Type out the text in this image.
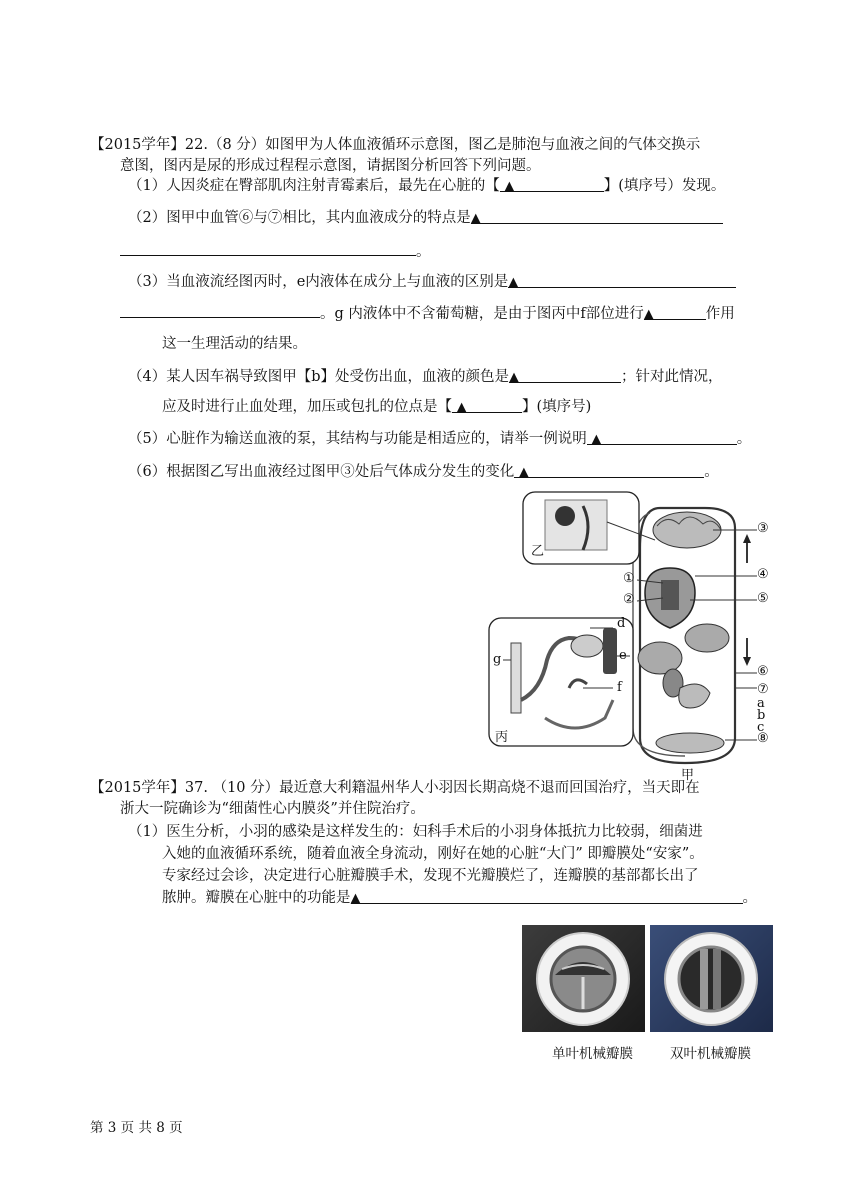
【2015学年】22.（8 分）如图甲为人体血液循环示意图，图乙是肺泡与血液之间的气体交换示
意图，图丙是尿的形成过程程示意图，请据图分析回答下列问题。
（1）人因炎症在臀部肌肉注射青霉素后，最先在心脏的【 ▲	】(填序号）发现。
（2）图甲中血管⑥与⑦相比，其内血液成分的特点是▲
。
（3）当血液流经图丙时，e内液体在成分上与血液的区别是▲
。g 内液体中不含葡萄糖，是由于图丙中f部位进行▲	作用
这一生理活动的结果。
（4）某人因车祸导致图甲【b】处受伤出血，血液的颜色是▲	；针对此情况，
应及时进行止血处理，加压或包扎的位点是【 ▲	】(填序号)
（5）心脏作为输送血液的泵，其结构与功能是相适应的，请举一例说明 ▲	。
（6）根据图乙写出血液经过图甲③处后气体成分发生的变化 ▲	。
乙
丙
甲
③
④
⑤
①
②
⑥
⑦
⑧
a
b
c
d
e
f
g
【2015学年】37. （10 分）最近意大利籍温州华人小羽因长期高烧不退而回国治疗，当天即在
浙大一院确诊为“细菌性心内膜炎”并住院治疗。
（1）医生分析，小羽的感染是这样发生的：妇科手术后的小羽身体抵抗力比较弱，细菌进
入她的血液循环系统，随着血液全身流动，刚好在她的心脏“大门” 即瓣膜处“安家”。
专家经过会诊，决定进行心脏瓣膜手术，发现不光瓣膜烂了，连瓣膜的基部都长出了
脓肿。瓣膜在心脏中的功能是▲	。
单叶机械瓣膜	双叶机械瓣膜
第 3 页 共 8 页
